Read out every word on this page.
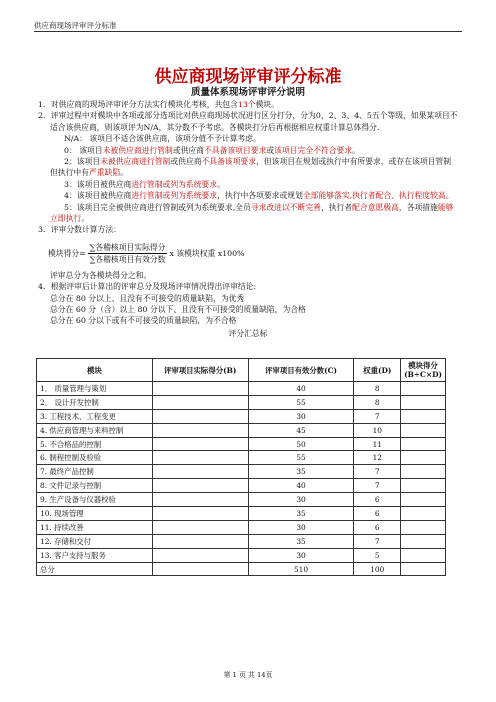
供应商现场评审评分标准
供应商现场评审评分标准
质量体系现场评审评分说明

1．对供应商的现场评审评分方法实行模块化考核，共包含13个模块。

2．评审过程中对模块中各项或部分选项比对供应商现场状况进行区分打分，分为0、2、3、4、5五个等级，如果某项目不适合该供应商，则该项评为N/A，其分数不予考虑。各模块打分后再根据相应权重计算总体得分.

N/A： 该项目不适合该供应商，该项分值不予计算考虑。

0： 该项目未被供应商进行管制或供应商不具备该项目要求或该项目完全不符合要求。

2：该项目未被供应商进行管制或供应商不具备该项要求，但该项目在规划或执行中有所要求，或存在该项目管制但执行中有严重缺陷。

3：该项目被供应商进行管制或列为系统要求。

4：该项目被供应商进行管制或列为系统要求，执行中各项要求或规划全部能够落实,执行者配合、执行程度较高。

5：该项目完全被供应商进行管制或列为系统要求,全员寻求改进以不断完善，执行者配合意愿极高，各项措施能够立即执行。

3．评审分数计算方法：

模块得分= $\frac{\text{∑各稽核项目实际得分}}{\text{∑各稽核项目有效分数}}$ x 该模块权重 x100%

评审总分为各模块得分之和。

4．根据评审后计算出的评审总分及现场评审情况得出评审结论:

总分在 80 分以上、且没有不可接受的质量缺陷，为优秀

总分在 60 分（含）以上 80 分以下、且没有不可接受的质量缺陷，为合格

总分在 60 分以下或有不可接受的质量缺陷，为不合格

评分汇总标

模块	评审项目实际得分(B)	评审项目有效分数(C)	权重(D)	模块得分(B÷C×D)
1． 质量管理与策划		40	8	
2． 设计开发控制		55	8	
3. 工程技术、工程变更		30	7	
4. 供应商管理与来料控制		45	10	
5. 不合格品的控制		50	11	
6. 制程控制及检验		55	12	
7. 最终产品控制		35	7	
8. 文件记录与控制		40	7	
9. 生产设备与仪器校验		30	6	
10. 现场管理		35	6	
11. 持续改善		30	6	
12. 存储和交付		35	7	
13. 客户支持与服务		30	5	
总分		510	100	
第 1 页 共 14页
